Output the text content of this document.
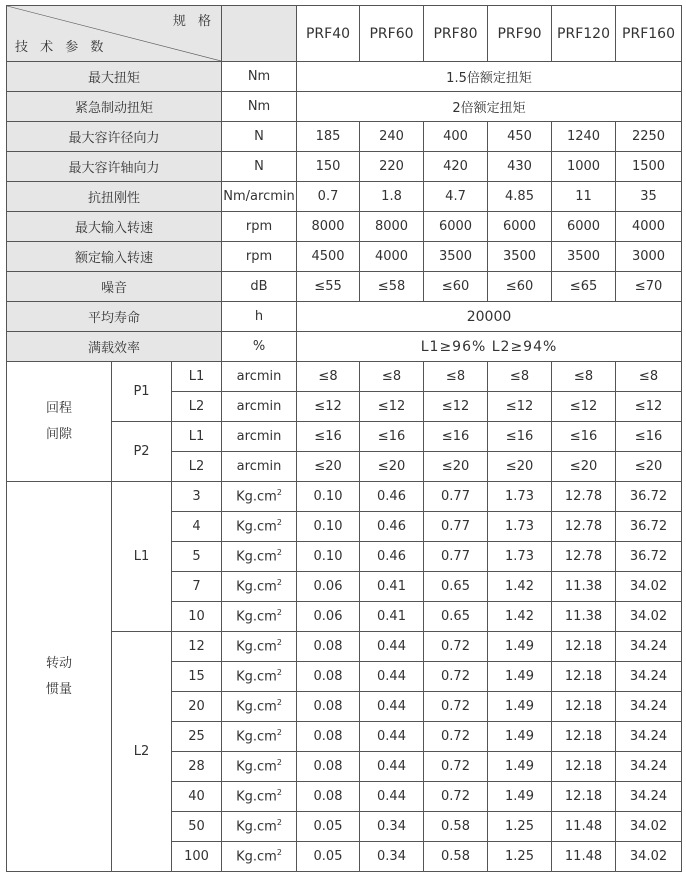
规 格
技 术 参 数				PRF40	PRF60	PRF80	PRF90	PRF120	PRF160
最大扭矩			Nm	1.5倍额定扭矩					
紧急制动扭矩			Nm	2倍额定扭矩					
最大容许径向力			N	185	240	400	450	1240	2250
最大容许轴向力			N	150	220	420	430	1000	1500
抗扭刚性			Nm/arcmin	0.7	1.8	4.7	4.85	11	35
最大输入转速			rpm	8000	8000	6000	6000	6000	4000
额定输入转速			rpm	4500	4000	3500	3500	3500	3000
噪音			dB	≤55	≤58	≤60	≤60	≤65	≤70
平均寿命			h	20000					
满载效率			%	L1≥96% L2≥94%					

回程
间隙	P1	L1	arcmin	≤8	≤8	≤8	≤8	≤8	≤8
		L2	arcmin	≤12	≤12	≤12	≤12	≤12	≤12
	P2	L1	arcmin	≤16	≤16	≤16	≤16	≤16	≤16
		L2	arcmin	≤20	≤20	≤20	≤20	≤20	≤20

转动
惯量	L1	3	$Kg.cm^2$	0.10	0.46	0.77	1.73	12.78	36.72
		4	$Kg.cm^2$	0.10	0.46	0.77	1.73	12.78	36.72
		5	$Kg.cm^2$	0.10	0.46	0.77	1.73	12.78	36.72
		7	$Kg.cm^2$	0.06	0.41	0.65	1.42	11.38	34.02
		10	$Kg.cm^2$	0.06	0.41	0.65	1.42	11.38	34.02
	L2	12	$Kg.cm^2$	0.08	0.44	0.72	1.49	12.18	34.24
		15	$Kg.cm^2$	0.08	0.44	0.72	1.49	12.18	34.24
		20	$Kg.cm^2$	0.08	0.44	0.72	1.49	12.18	34.24
		25	$Kg.cm^2$	0.08	0.44	0.72	1.49	12.18	34.24
		28	$Kg.cm^2$	0.08	0.44	0.72	1.49	12.18	34.24
		40	$Kg.cm^2$	0.08	0.44	0.72	1.49	12.18	34.24
		50	$Kg.cm^2$	0.05	0.34	0.58	1.25	11.48	34.02
		100	$Kg.cm^2$	0.05	0.34	0.58	1.25	11.48	34.02
